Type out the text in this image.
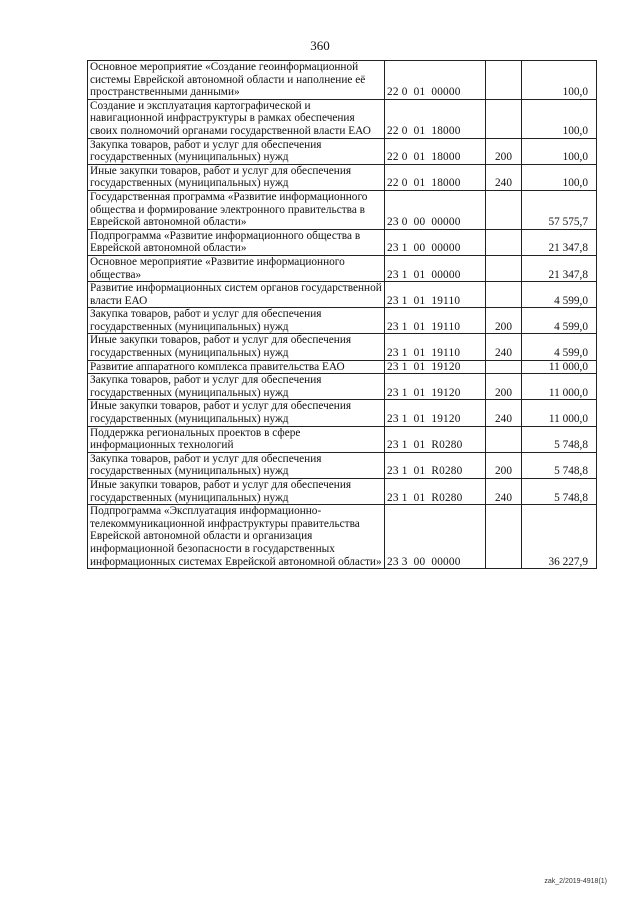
360
Основное мероприятие «Создание геоинформационной системы Еврейской автономной области и наполнение её пространственными данными»	22 0  01  00000		100,0
Создание и эксплуатация картографической и навигационной инфраструктуры в рамках обеспечения своих полномочий органами государственной власти ЕАО	22 0  01  18000		100,0
Закупка товаров, работ и услуг для обеспечения государственных (муниципальных) нужд	22 0  01  18000	200	100,0
Иные закупки товаров, работ и услуг для обеспечения государственных (муниципальных) нужд	22 0  01  18000	240	100,0
Государственная программа «Развитие информационного общества и формирование электронного правительства в Еврейской автономной области»	23 0  00  00000		57 575,7
Подпрограмма «Развитие информационного общества в Еврейской автономной области»	23 1  00  00000		21 347,8
Основное мероприятие «Развитие информационного общества»	23 1  01  00000		21 347,8
Развитие информационных систем органов государственной власти ЕАО	23 1  01  19110		4 599,0
Закупка товаров, работ и услуг для обеспечения государственных (муниципальных) нужд	23 1  01  19110	200	4 599,0
Иные закупки товаров, работ и услуг для обеспечения государственных (муниципальных) нужд	23 1  01  19110	240	4 599,0
Развитие аппаратного комплекса правительства ЕАО	23 1  01  19120		11 000,0
Закупка товаров, работ и услуг для обеспечения государственных (муниципальных) нужд	23 1  01  19120	200	11 000,0
Иные закупки товаров, работ и услуг для обеспечения государственных (муниципальных) нужд	23 1  01  19120	240	11 000,0
Поддержка региональных проектов в сфере информационных технологий	23 1  01  R0280		5 748,8
Закупка товаров, работ и услуг для обеспечения государственных (муниципальных) нужд	23 1  01  R0280	200	5 748,8
Иные закупки товаров, работ и услуг для обеспечения государственных (муниципальных) нужд	23 1  01  R0280	240	5 748,8
Подпрограмма «Эксплуатация информационно-телекоммуникационной инфраструктуры правительства Еврейской автономной области и организация информационной безопасности в государственных информационных системах Еврейской автономной области»	23 3  00  00000		36 227,9
zak_2/2019-4918(1)
